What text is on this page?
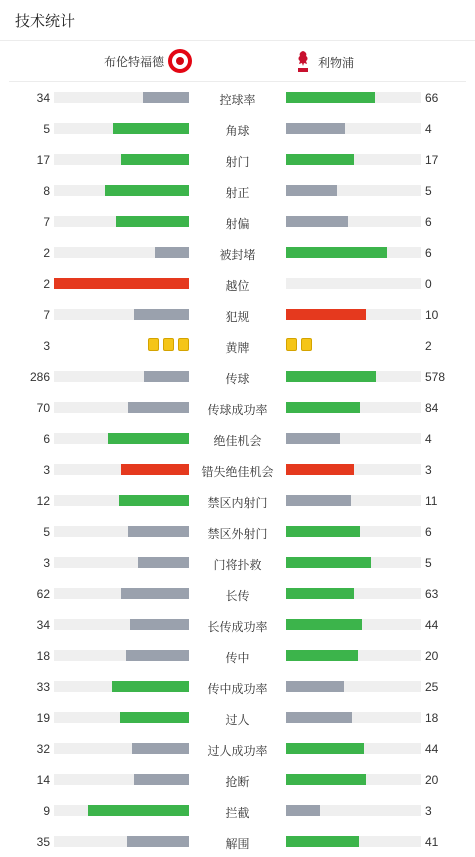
技术统计
布伦特福德	利物浦
34	控球率	66
5	角球	4
17	射门	17
8	射正	5
7	射偏	6
2	被封堵	6
2	越位	0
7	犯规	10
3	黄牌	2
286	传球	578
70	传球成功率	84
6	绝佳机会	4
3	错失绝佳机会	3
12	禁区内射门	11
5	禁区外射门	6
3	门将扑救	5
62	长传	63
34	长传成功率	44
18	传中	20
33	传中成功率	25
19	过人	18
32	过人成功率	44
14	抢断	20
9	拦截	3
35	解围	41
